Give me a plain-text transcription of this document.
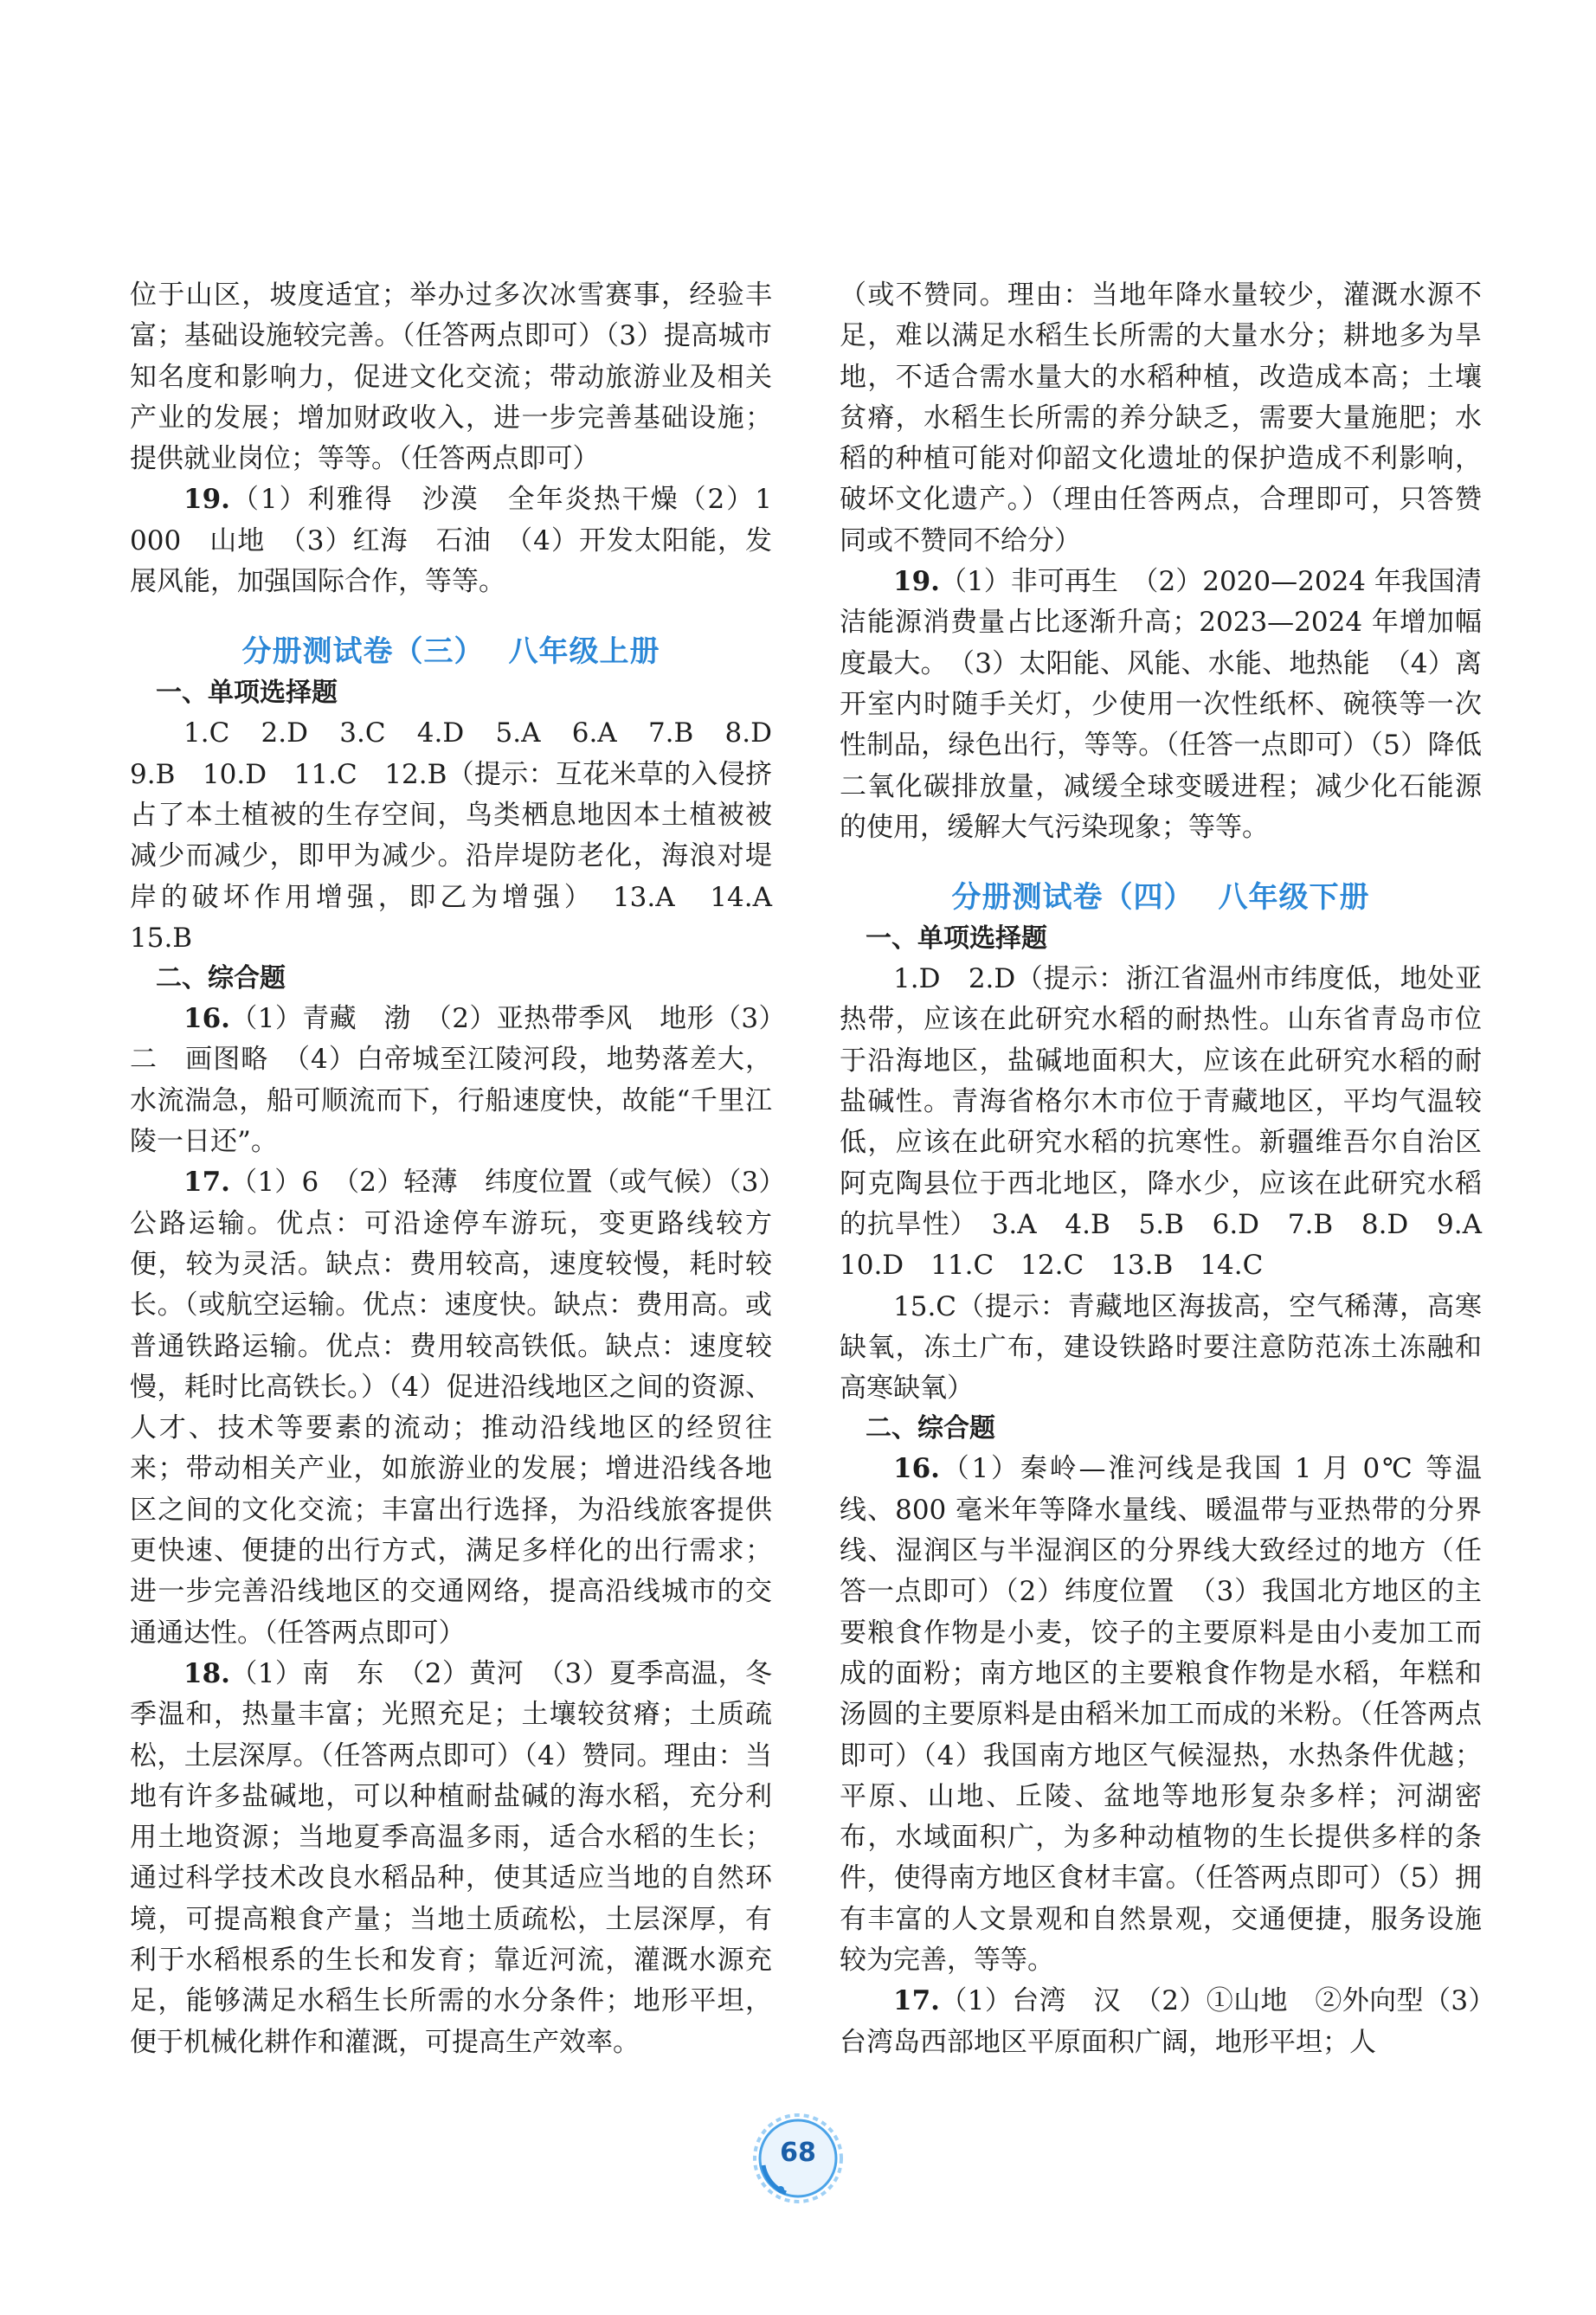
位于山区，坡度适宜；举办过多次冰雪赛事，经验丰富；基础设施较完善。（任答两点即可）（3）提高城市知名度和影响力，促进文化交流；带动旅游业及相关产业的发展；增加财政收入，进一步完善基础设施；提供就业岗位；等等。（任答两点即可）

19.（1）利雅得　沙漠　全年炎热干燥（2）1 000　山地　（3）红海　石油　（4）开发太阳能，发展风能，加强国际合作，等等。

分册测试卷（三） 八年级上册

一、单项选择题

1.C　2.D　3.C　4.D　5.A　6.A　7.B　8.D　9.B　10.D　11.C　12.B（提示：互花米草的入侵挤占了本土植被的生存空间，鸟类栖息地因本土植被被减少而减少，即甲为减少。沿岸堤防老化，海浪对堤岸的破坏作用增强，即乙为增强）　13.A　14.A　15.B

二、综合题

16.（1）青藏　渤　（2）亚热带季风　地形（3）二　画图略　（4）白帝城至江陵河段，地势落差大，水流湍急，船可顺流而下，行船速度快，故能“千里江陵一日还”。

17.（1）6　（2）轻薄　纬度位置（或气候）（3）公路运输。优点：可沿途停车游玩，变更路线较方便，较为灵活。缺点：费用较高，速度较慢，耗时较长。（或航空运输。优点：速度快。缺点：费用高。或普通铁路运输。优点：费用较高铁低。缺点：速度较慢，耗时比高铁长。）（4）促进沿线地区之间的资源、人才、技术等要素的流动；推动沿线地区的经贸往来；带动相关产业，如旅游业的发展；增进沿线各地区之间的文化交流；丰富出行选择，为沿线旅客提供更快速、便捷的出行方式，满足多样化的出行需求；进一步完善沿线地区的交通网络，提高沿线城市的交通通达性。（任答两点即可）

18.（1）南　东　（2）黄河　（3）夏季高温，冬季温和，热量丰富；光照充足；土壤较贫瘠；土质疏松，土层深厚。（任答两点即可）（4）赞同。理由：当地有许多盐碱地，可以种植耐盐碱的海水稻，充分利用土地资源；当地夏季高温多雨，适合水稻的生长；通过科学技术改良水稻品种，使其适应当地的自然环境，可提高粮食产量；当地土质疏松，土层深厚，有利于水稻根系的生长和发育；靠近河流，灌溉水源充足，能够满足水稻生长所需的水分条件；地形平坦，便于机械化耕作和灌溉，可提高生产效率。

（或不赞同。理由：当地年降水量较少，灌溉水源不足，难以满足水稻生长所需的大量水分；耕地多为旱地，不适合需水量大的水稻种植，改造成本高；土壤贫瘠，水稻生长所需的养分缺乏，需要大量施肥；水稻的种植可能对仰韶文化遗址的保护造成不利影响，破坏文化遗产。）（理由任答两点，合理即可，只答赞同或不赞同不给分）

19.（1）非可再生　（2）2020—2024 年我国清洁能源消费量占比逐渐升高；2023—2024 年增加幅度最大。　（3）太阳能、风能、水能、地热能　（4）离开室内时随手关灯，少使用一次性纸杯、碗筷等一次性制品，绿色出行，等等。（任答一点即可）（5）降低二氧化碳排放量，减缓全球变暖进程；减少化石能源的使用，缓解大气污染现象；等等。

分册测试卷（四） 八年级下册

一、单项选择题

1.D　2.D（提示：浙江省温州市纬度低，地处亚热带，应该在此研究水稻的耐热性。山东省青岛市位于沿海地区，盐碱地面积大，应该在此研究水稻的耐盐碱性。青海省格尔木市位于青藏地区，平均气温较低，应该在此研究水稻的抗寒性。新疆维吾尔自治区阿克陶县位于西北地区，降水少，应该在此研究水稻的抗旱性）　3.A　4.B　5.B　6.D　7.B　8.D　9.A　10.D　11.C　12.C　13.B　14.C

15.C（提示：青藏地区海拔高，空气稀薄，高寒缺氧，冻土广布，建设铁路时要注意防范冻土冻融和高寒缺氧）

二、综合题

16.（1）秦岭—淮河线是我国 1 月 0℃ 等温线、800 毫米年等降水量线、暖温带与亚热带的分界线、湿润区与半湿润区的分界线大致经过的地方（任答一点即可）（2）纬度位置　（3）我国北方地区的主要粮食作物是小麦，饺子的主要原料是由小麦加工而成的面粉；南方地区的主要粮食作物是水稻，年糕和汤圆的主要原料是由稻米加工而成的米粉。（任答两点即可）（4）我国南方地区气候湿热，水热条件优越；平原、山地、丘陵、盆地等地形复杂多样；河湖密布，水域面积广，为多种动植物的生长提供多样的条件，使得南方地区食材丰富。（任答两点即可）（5）拥有丰富的人文景观和自然景观，交通便捷，服务设施较为完善，等等。

17.（1）台湾　汉　（2）①山地　②外向型（3）台湾岛西部地区平原面积广阔，地形平坦；人

68
